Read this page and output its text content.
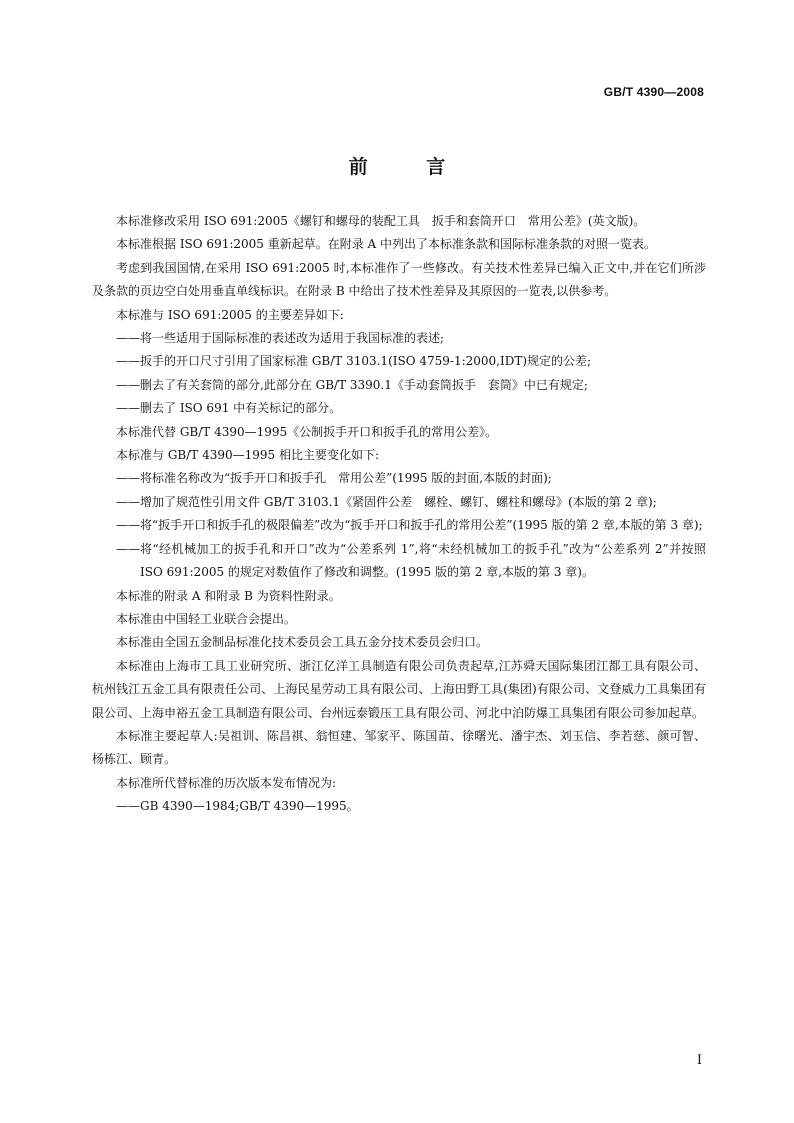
GB/T 4390—2008
前 言

本标准修改采用 ISO 691:2005《螺钉和螺母的装配工具　扳手和套筒开口　常用公差》(英文版)。

本标准根据 ISO 691:2005 重新起草。在附录 A 中列出了本标准条款和国际标准条款的对照一览表。

考虑到我国国情,在采用 ISO 691:2005 时,本标准作了一些修改。有关技术性差异已编入正文中,并在它们所涉及条款的页边空白处用垂直单线标识。在附录 B 中给出了技术性差异及其原因的一览表,以供参考。

本标准与 ISO 691:2005 的主要差异如下:

—— 将一些适用于国际标准的表述改为适用于我国标准的表述;
—— 扳手的开口尺寸引用了国家标准 GB/T 3103.1(ISO 4759-1:2000,IDT)规定的公差;
—— 删去了有关套筒的部分,此部分在 GB/T 3390.1《手动套筒扳手　套筒》中已有规定;
—— 删去了 ISO 691 中有关标记的部分。

本标准代替 GB/T 4390—1995《公制扳手开口和扳手孔的常用公差》。

本标准与 GB/T 4390—1995 相比主要变化如下:

—— 将标准名称改为“扳手开口和扳手孔　常用公差”(1995 版的封面,本版的封面);
—— 增加了规范性引用文件 GB/T 3103.1《紧固件公差　螺栓、螺钉、螺柱和螺母》(本版的第 2 章);
—— 将“扳手开口和扳手孔的极限偏差”改为“扳手开口和扳手孔的常用公差”(1995 版的第 2 章,本版的第 3 章);
—— 将“经机械加工的扳手孔和开口”改为“公差系列 1”,将“未经机械加工的扳手孔”改为“公差系列 2”并按照 ISO 691:2005 的规定对数值作了修改和调整。(1995 版的第 2 章,本版的第 3 章)。

本标准的附录 A 和附录 B 为资料性附录。

本标准由中国轻工业联合会提出。

本标准由全国五金制品标准化技术委员会工具五金分技术委员会归口。

本标准由上海市工具工业研究所、浙江亿洋工具制造有限公司负责起草,江苏舜天国际集团江都工具有限公司、杭州钱江五金工具有限责任公司、上海民星劳动工具有限公司、上海田野工具(集团)有限公司、文登威力工具集团有限公司、上海申裕五金工具制造有限公司、台州远泰锻压工具有限公司、河北中泊防爆工具集团有限公司参加起草。

本标准主要起草人:吴祖训、陈昌祺、翁恒建、邹家平、陈国苗、徐曙光、潘宇杰、刘玉信、李若慈、颜可智、杨栋江、顾青。

本标准所代替标准的历次版本发布情况为:

—— GB 4390—1984;GB/T 4390—1995。
I
